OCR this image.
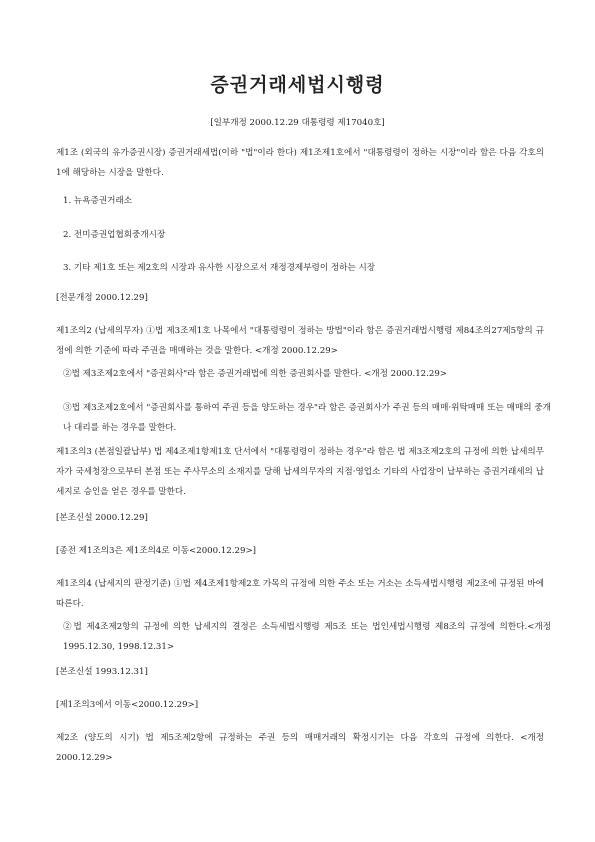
증권거래세법시행령

[일부개정 2000.12.29 대통령령 제17040호]

제1조 (외국의 유가증권시장) 증권거래세법(이하 "법"이라 한다) 제1조제1호에서 "대통령령이 정하는 시장"이라 함은 다음 각호의 1에 해당하는 시장을 말한다.

1. 뉴욕증권거래소

2. 전미증권업협회중개시장

3. 기타 제1호 또는 제2호의 시장과 유사한 시장으로서 재정경제부령이 정하는 시장

[전문개정 2000.12.29]

제1조의2 (납세의무자) ①법 제3조제1호 나목에서 "대통령령이 정하는 방법"이라 함은 증권거래법시행령 제84조의27제5항의 규정에 의한 기준에 따라 주권을 매매하는 것을 말한다. <개정 2000.12.29>

②법 제3조제2호에서 "증권회사"라 함은 증권거래법에 의한 증권회사를 말한다. <개정 2000.12.29>

③법 제3조제2호에서 "증권회사를 통하여 주권 등을 양도하는 경우"라 함은 증권회사가 주권 등의 매매·위탁매매 또는 매매의 중개나 대리를 하는 경우를 말한다.

제1조의3 (본점일괄납부) 법 제4조제1항제1호 단서에서 "대통령령이 정하는 경우"라 함은 법 제3조제2호의 규정에 의한 납세의무자가 국세청장으로부터 본점 또는 주사무소의 소재지를 당해 납세의무자의 지점·영업소 기타의 사업장이 납부하는 증권거래세의 납세지로 승인을 얻은 경우를 말한다.

[본조신설 2000.12.29]

[종전 제1조의3은 제1조의4로 이동<2000.12.29>]

제1조의4 (납세지의 판정기준) ①법 제4조제1항제2호 가목의 규정에 의한 주소 또는 거소는 소득세법시행령 제2조에 규정된 바에 따른다.

②법 제4조제2항의 규정에 의한 납세지의 결정은 소득세법시행령 제5조 또는 법인세법시행령 제8조의 규정에 의한다.<개정 1995.12.30, 1998.12.31>

[본조신설 1993.12.31]

[제1조의3에서 이동<2000.12.29>]

제2조 (양도의 시기) 법 제5조제2항에 규정하는 주권 등의 매매거래의 확정시기는 다음 각호의 규정에 의한다. <개정 2000.12.29>
